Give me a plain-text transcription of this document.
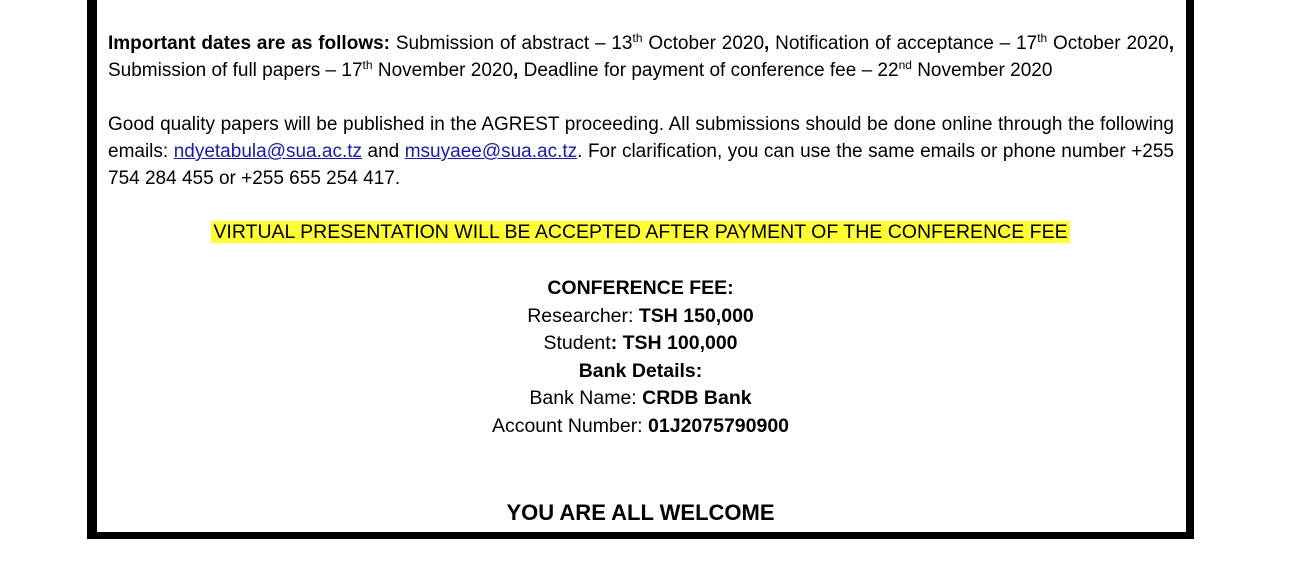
Important dates are as follows: Submission of abstract – 13th October 2020, Notification of acceptance – 17th October 2020, Submission of full papers – 17th November 2020, Deadline for payment of conference fee – 22nd November 2020
Good quality papers will be published in the AGREST proceeding. All submissions should be done online through the following emails: ndyetabula@sua.ac.tz and msuyaee@sua.ac.tz. For clarification, you can use the same emails or phone number +255 754 284 455 or +255 655 254 417.
VIRTUAL PRESENTATION WILL BE ACCEPTED AFTER PAYMENT OF THE CONFERENCE FEE
CONFERENCE FEE:
Researcher: TSH 150,000
Student: TSH 100,000
Bank Details:
Bank Name: CRDB Bank
Account Number: 01J2075790900
YOU ARE ALL WELCOME
